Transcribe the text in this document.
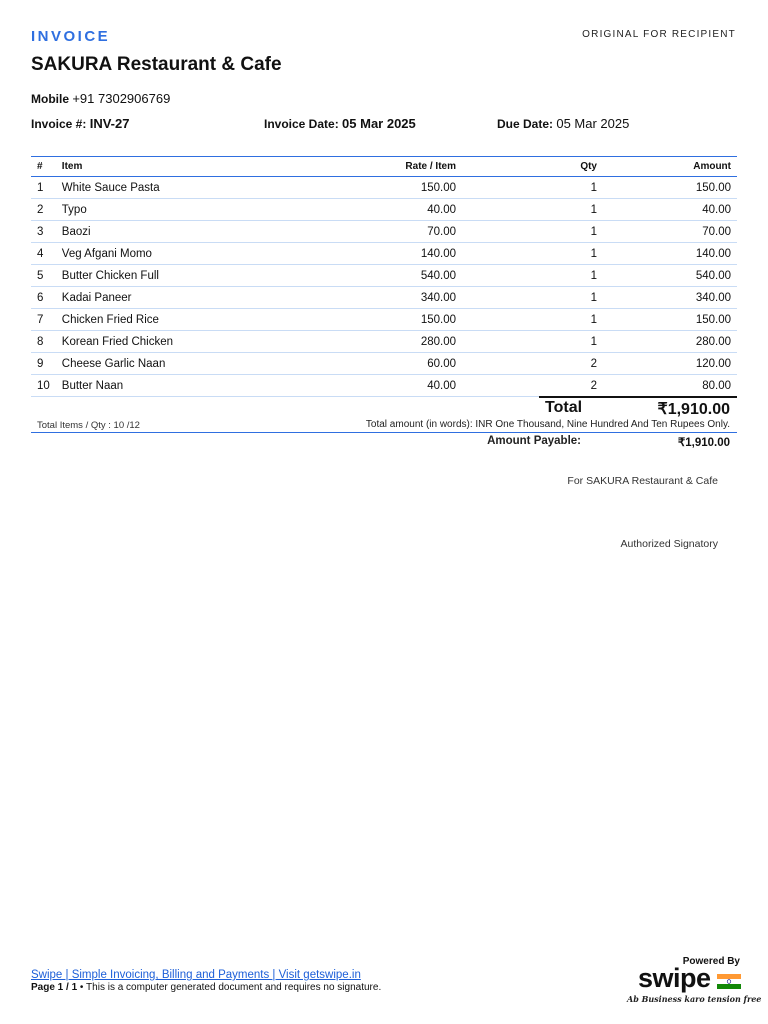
INVOICE	ORIGINAL FOR RECIPIENT
SAKURA Restaurant & Cafe
Mobile +91 7302906769
Invoice #: INV-27	Invoice Date: 05 Mar 2025	Due Date: 05 Mar 2025
#	Item	Rate / Item	Qty	Amount
1	White Sauce Pasta	150.00	1	150.00
2	Typo	40.00	1	40.00
3	Baozi	70.00	1	70.00
4	Veg Afgani Momo	140.00	1	140.00
5	Butter Chicken Full	540.00	1	540.00
6	Kadai Paneer	340.00	1	340.00
7	Chicken Fried Rice	150.00	1	150.00
8	Korean Fried Chicken	280.00	1	280.00
9	Cheese Garlic Naan	60.00	2	120.00
10	Butter Naan	40.00	2	80.00
Total	₹1,910.00
Total Items / Qty : 10 /12	Total amount (in words): INR One Thousand, Nine Hundred And Ten Rupees Only.
Amount Payable:	₹1,910.00
For SAKURA Restaurant & Cafe
Authorized Signatory
Swipe | Simple Invoicing, Billing and Payments | Visit getswipe.in
Page 1 / 1 • This is a computer generated document and requires no signature.
Powered By
swipe
Ab Business karo tension free
